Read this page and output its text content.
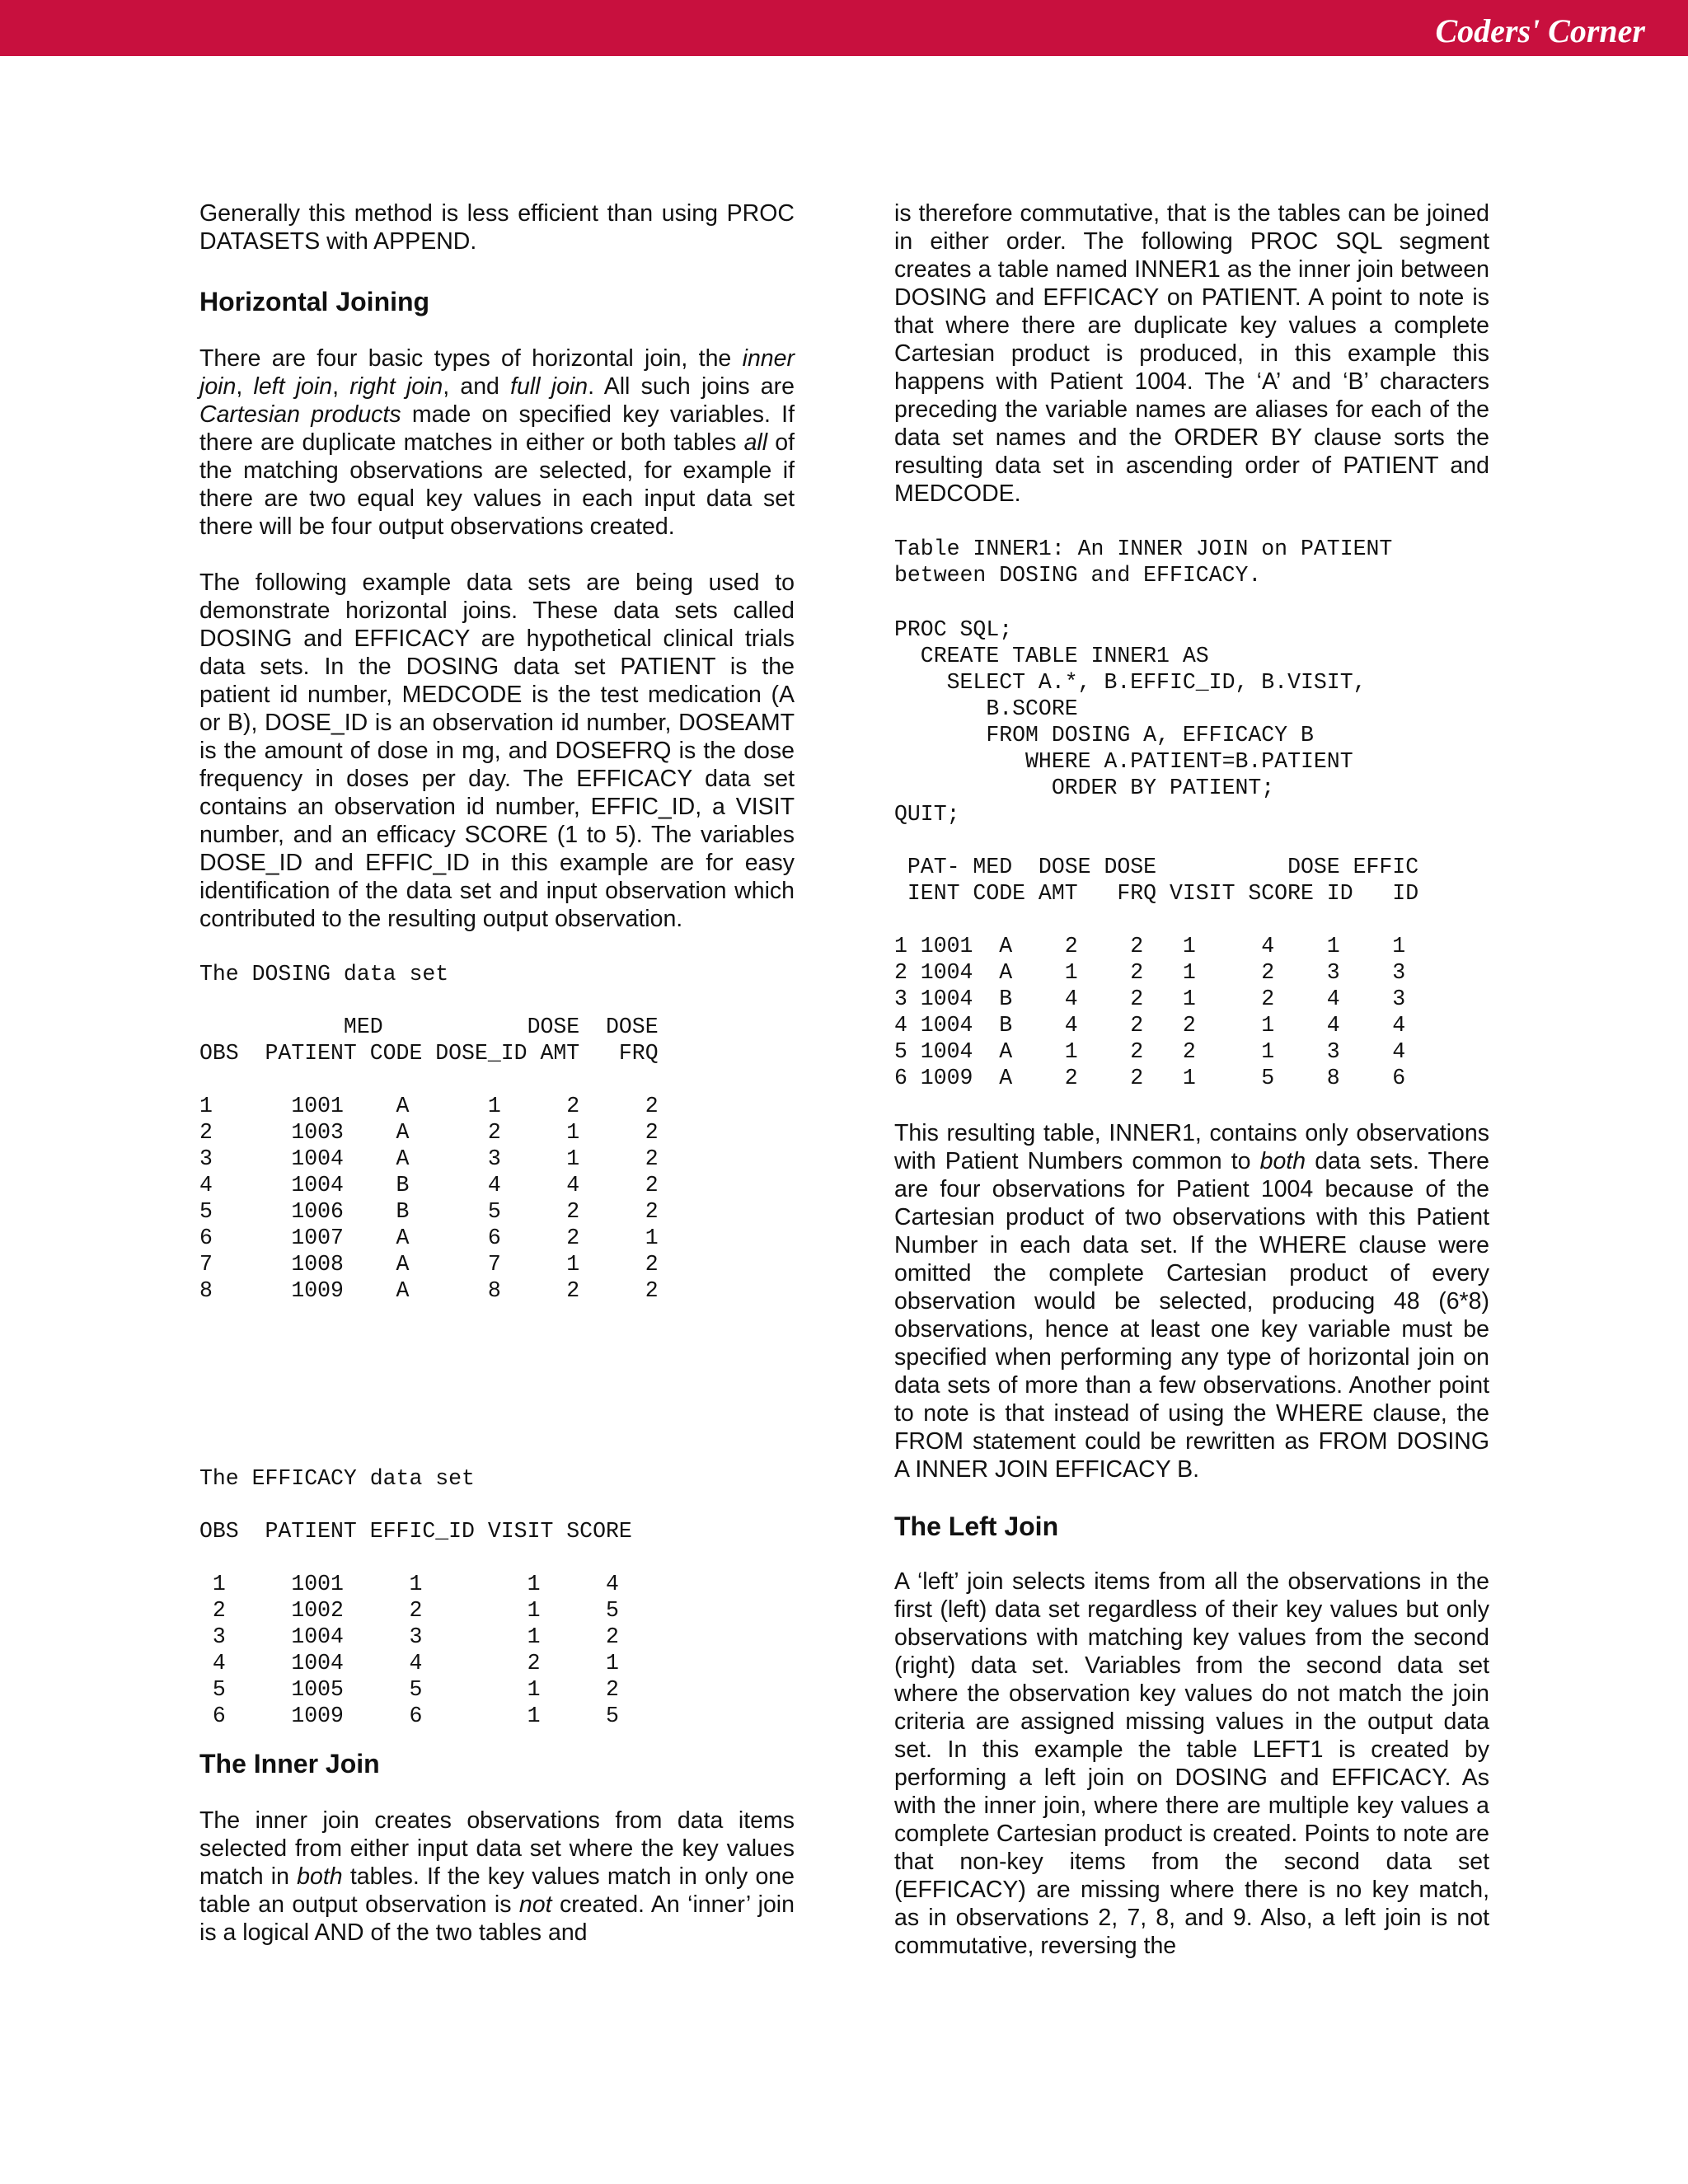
Coders' Corner

Generally this method is less efficient than using PROC DATASETS with APPEND.

Horizontal Joining

There are four basic types of horizontal join, the inner join, left join, right join, and full join. All such joins are Cartesian products made on specified key variables. If there are duplicate matches in either or both tables all of the matching observations are selected, for example if there are two equal key values in each input data set there will be four output observations created.

The following example data sets are being used to demonstrate horizontal joins. These data sets called DOSING and EFFICACY are hypothetical clinical trials data sets. In the DOSING data set PATIENT is the patient id number, MEDCODE is the test medication (A or B), DOSE_ID is an observation id number, DOSEAMT is the amount of dose in mg, and DOSEFRQ is the dose frequency in doses per day. The EFFICACY data set contains an observation id number, EFFIC_ID, a VISIT number, and an efficacy SCORE (1 to 5). The variables DOSE_ID and EFFIC_ID in this example are for easy identification of the data set and input observation which contributed to the resulting output observation.

The DOSING data set
MED           DOSE  DOSE
OBS  PATIENT CODE DOSE_ID AMT   FRQ

1      1001    A      1     2     2
2      1003    A      2     1     2
3      1004    A      3     1     2
4      1004    B      4     4     2
5      1006    B      5     2     2
6      1007    A      6     2     1
7      1008    A      7     1     2
8      1009    A      8     2     2
The EFFICACY data set
OBS  PATIENT EFFIC_ID VISIT SCORE

1     1001     1        1     4
2     1002     2        1     5
3     1004     3        1     2
4     1004     4        2     1
5     1005     5        1     2
6     1009     6        1     5
The Inner Join

The inner join creates observations from data items selected from either input data set where the key values match in both tables. If the key values match in only one table an output observation is not created. An ‘inner’ join is a logical AND of the two tables and

is therefore commutative, that is the tables can be joined in either order. The following PROC SQL segment creates a table named INNER1 as the inner join between DOSING and EFFICACY on PATIENT. A point to note is that where there are duplicate key values a complete Cartesian product is produced, in this example this happens with Patient 1004. The ‘A’ and ‘B’ characters preceding the variable names are aliases for each of the data set names and the ORDER BY clause sorts the resulting data set in ascending order of PATIENT and MEDCODE.

Table INNER1: An INNER JOIN on PATIENT
between DOSING and EFFICACY.
PROC SQL;
CREATE TABLE INNER1 AS
SELECT A.*, B.EFFIC_ID, B.VISIT,
B.SCORE
FROM DOSING A, EFFICACY B
WHERE A.PATIENT=B.PATIENT
ORDER BY PATIENT;
QUIT;
PAT- MED  DOSE DOSE          DOSE EFFIC
IENT CODE AMT   FRQ VISIT SCORE ID   ID

1 1001  A    2    2   1     4    1    1
2 1004  A    1    2   1     2    3    3
3 1004  B    4    2   1     2    4    3
4 1004  B    4    2   2     1    4    4
5 1004  A    1    2   2     1    3    4
6 1009  A    2    2   1     5    8    6

This resulting table, INNER1, contains only observations with Patient Numbers common to both data sets. There are four observations for Patient 1004 because of the Cartesian product of two observations with this Patient Number in each data set. If the WHERE clause were omitted the complete Cartesian product of every observation would be selected, producing 48 (6*8) observations, hence at least one key variable must be specified when performing any type of horizontal join on data sets of more than a few observations. Another point to note is that instead of using the WHERE clause, the FROM statement could be rewritten as FROM DOSING A INNER JOIN EFFICACY B.

The Left Join

A ‘left’ join selects items from all the observations in the first (left) data set regardless of their key values but only observations with matching key values from the second (right) data set. Variables from the second data set where the observation key values do not match the join criteria are assigned missing values in the output data set. In this example the table LEFT1 is created by performing a left join on DOSING and EFFICACY. As with the inner join, where there are multiple key values a complete Cartesian product is created. Points to note are that non-key items from the second data set (EFFICACY) are missing where there is no key match, as in observations 2, 7, 8, and 9. Also, a left join is not commutative, reversing the
